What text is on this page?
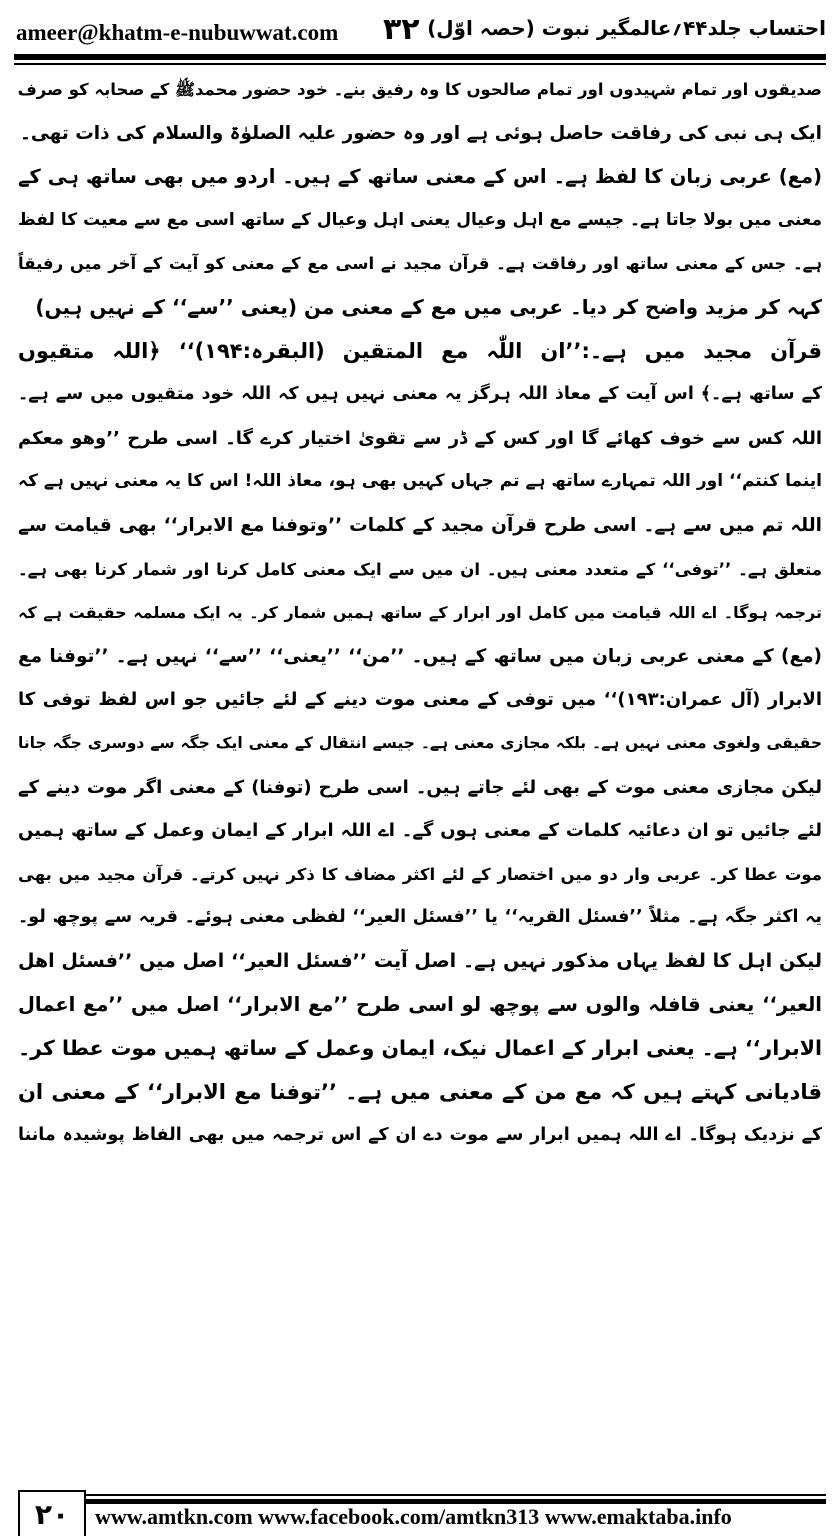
ameer@khatm-e-nubuwwat.com ۳۲ احتساب جلد۴۴؍عالمگیر نبوت (حصہ اوّل)
صدیقوں اور تمام شہیدوں اور تمام صالحوں کا وہ رفیق بنے۔ خود حضور محمدﷺ کے صحابہ کو صرف
ایک ہی نبی کی رفاقت حاصل ہوئی ہے اور وہ حضور علیہ الصلوٰۃ والسلام کی ذات تھی۔
(مع) عربی زبان کا لفظ ہے۔ اس کے معنی ساتھ کے ہیں۔ اردو میں بھی ساتھ ہی کے
معنی میں بولا جاتا ہے۔ جیسے مع اہل وعیال یعنی اہل وعیال کے ساتھ اسی مع سے معیت کا لفظ
ہے۔ جس کے معنی ساتھ اور رفاقت ہے۔ قرآن مجید نے اسی مع کے معنی کو آیت کے آخر میں رفیقاً
کہہ کر مزید واضح کر دیا۔ عربی میں مع کے معنی من (یعنی ’’سے‘‘ کے نہیں ہیں)
قرآن مجید میں ہے۔:’’ان اللّٰہ مع المتقین (البقرہ:۱۹۴)‘‘ ﴿اللہ متقیوں
کے ساتھ ہے۔﴾ اس آیت کے معاذ اللہ ہرگز یہ معنی نہیں ہیں کہ اللہ خود متقیوں میں سے ہے۔
اللہ کس سے خوف کھائے گا اور کس کے ڈر سے تقویٰ اختیار کرے گا۔ اسی طرح ’’وھو معکم
اینما کنتم‘‘ اور اللہ تمہارے ساتھ ہے تم جہاں کہیں بھی ہو، معاذ اللہ! اس کا یہ معنی نہیں ہے کہ
اللہ تم میں سے ہے۔ اسی طرح قرآن مجید کے کلمات ’’وتوفنا مع الابرار‘‘ بھی قیامت سے
متعلق ہے۔ ’’توفی‘‘ کے متعدد معنی ہیں۔ ان میں سے ایک معنی کامل کرنا اور شمار کرنا بھی ہے۔
ترجمہ ہوگا۔ اے اللہ قیامت میں کامل اور ابرار کے ساتھ ہمیں شمار کر۔ یہ ایک مسلمہ حقیقت ہے کہ
(مع) کے معنی عربی زبان میں ساتھ کے ہیں۔ ’’من‘‘ ’’یعنی‘‘ ’’سے‘‘ نہیں ہے۔ ’’توفنا مع
الابرار (آل عمران:۱۹۳)‘‘ میں توفی کے معنی موت دینے کے لئے جائیں جو اس لفظ توفی کا
حقیقی ولغوی معنی نہیں ہے۔ بلکہ مجازی معنی ہے۔ جیسے انتقال کے معنی ایک جگہ سے دوسری جگہ جانا
لیکن مجازی معنی موت کے بھی لئے جاتے ہیں۔ اسی طرح (توفنا) کے معنی اگر موت دینے کے
لئے جائیں تو ان دعائیہ کلمات کے معنی ہوں گے۔ اے اللہ ابرار کے ایمان وعمل کے ساتھ ہمیں
موت عطا کر۔ عربی وار دو میں اختصار کے لئے اکثر مضاف کا ذکر نہیں کرتے۔ قرآن مجید میں بھی
یہ اکثر جگہ ہے۔ مثلاً ’’فسئل القریہ‘‘ یا ’’فسئل العیر‘‘ لفظی معنی ہوئے۔ قریہ سے پوچھ لو۔
لیکن اہل کا لفظ یہاں مذکور نہیں ہے۔ اصل آیت ’’فسئل العیر‘‘ اصل میں ’’فسئل اھل
العیر‘‘ یعنی قافلہ والوں سے پوچھ لو اسی طرح ’’مع الابرار‘‘ اصل میں ’’مع اعمال
الابرار‘‘ ہے۔ یعنی ابرار کے اعمال نیک، ایمان وعمل کے ساتھ ہمیں موت عطا کر۔
قادیانی کہتے ہیں کہ مع من کے معنی میں ہے۔ ’’توفنا مع الابرار‘‘ کے معنی ان
کے نزدیک ہوگا۔ اے اللہ ہمیں ابرار سے موت دے ان کے اس ترجمہ میں بھی الفاظ پوشیدہ ماننا
۲۰	www.amtkn.com www.facebook.com/amtkn313 www.emaktaba.info
